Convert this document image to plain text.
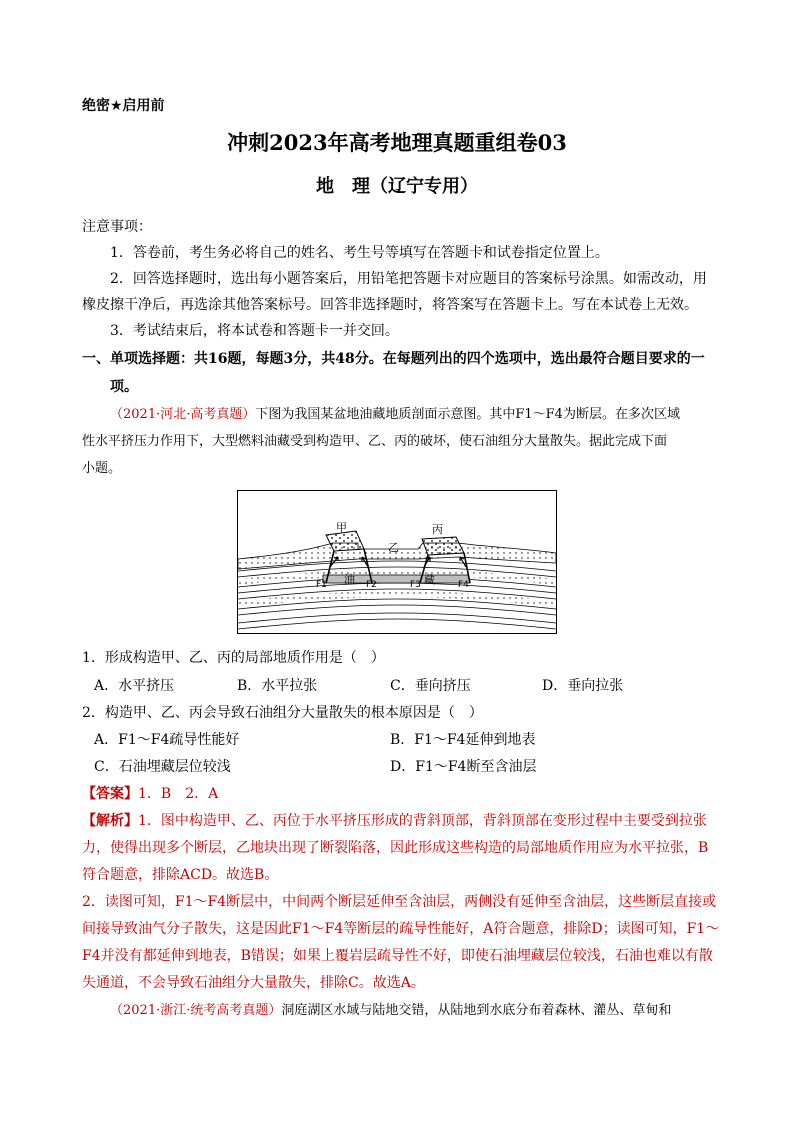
绝密★启用前
冲刺2023年高考地理真题重组卷03
地　理（辽宁专用）
注意事项：
1．答卷前，考生务必将自己的姓名、考生号等填写在答题卡和试卷指定位置上。
2．回答选择题时，选出每小题答案后，用铅笔把答题卡对应题目的答案标号涂黑。如需改动，用
橡皮擦干净后，再选涂其他答案标号。回答非选择题时，将答案写在答题卡上。写在本试卷上无效。
3．考试结束后，将本试卷和答题卡一并交回。
一、单项选择题：共16题，每题3分，共48分。在每题列出的四个选项中，选出最符合题目要求的一
项。
（2021·河北·高考真题）下图为我国某盆地油藏地质剖面示意图。其中F1～F4为断层。在多次区域
性水平挤压力作用下，大型燃料油藏受到构造甲、乙、丙的破坏，使石油组分大量散失。据此完成下面
小题。
甲
乙
丙
油	藏
F1	F2	F3	F4
1．形成构造甲、乙、丙的局部地质作用是（　）
A．水平挤压	B．水平拉张	C．垂向挤压	D．垂向拉张
2．构造甲、乙、丙会导致石油组分大量散失的根本原因是（　）
A．F1～F4疏导性能好	B．F1～F4延伸到地表
C．石油埋藏层位较浅	D．F1～F4断至含油层
【答案】1．B　2．A
【解析】1．图中构造甲、乙、丙位于水平挤压形成的背斜顶部，背斜顶部在变形过程中主要受到拉张
力，使得出现多个断层，乙地块出现了断裂陷落，因此形成这些构造的局部地质作用应为水平拉张，B
符合题意，排除ACD。故选B。
2．读图可知，F1～F4断层中，中间两个断层延伸至含油层，两侧没有延伸至含油层，这些断层直接或
间接导致油气分子散失，这是因此F1～F4等断层的疏导性能好，A符合题意，排除D；读图可知，F1～
F4并没有都延伸到地表，B错误；如果上覆岩层疏导性不好，即使石油埋藏层位较浅，石油也难以有散
失通道，不会导致石油组分大量散失，排除C。故选A。
（2021·浙江·统考高考真题）洞庭湖区水域与陆地交错，从陆地到水底分布着森林、灌丛、草甸和
